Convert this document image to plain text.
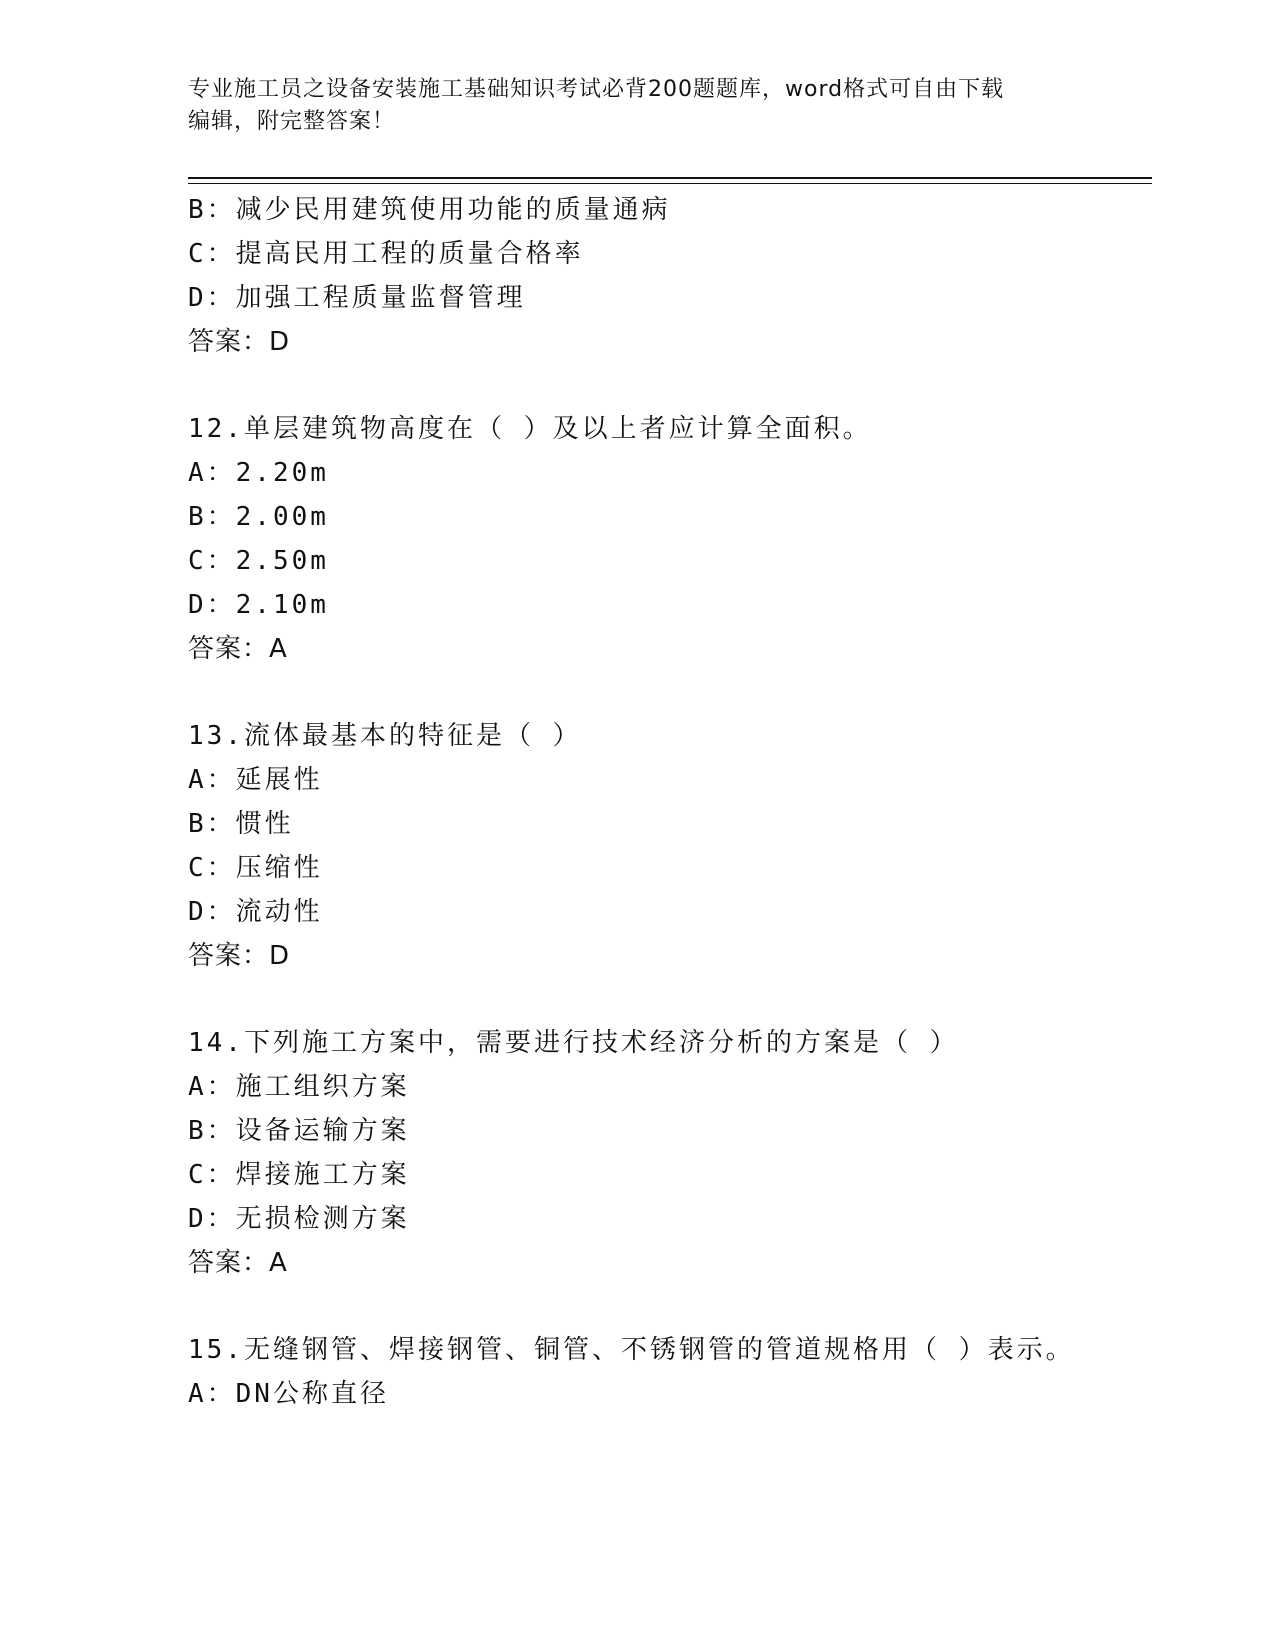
专业施工员之设备安装施工基础知识考试必背200题题库，word格式可自由下载
编辑，附完整答案！
B：减少民用建筑使用功能的质量通病
C：提高民用工程的质量合格率
D：加强工程质量监督管理
答案：D
12.单层建筑物高度在（ ）及以上者应计算全面积。
A：2.20m
B：2.00m
C：2.50m
D：2.10m
答案：A
13.流体最基本的特征是（ ）
A：延展性
B：惯性
C：压缩性
D：流动性
答案：D
14.下列施工方案中，需要进行技术经济分析的方案是（ ）
A：施工组织方案
B：设备运输方案
C：焊接施工方案
D：无损检测方案
答案：A
15.无缝钢管、焊接钢管、铜管、不锈钢管的管道规格用（ ）表示。
A：DN公称直径
